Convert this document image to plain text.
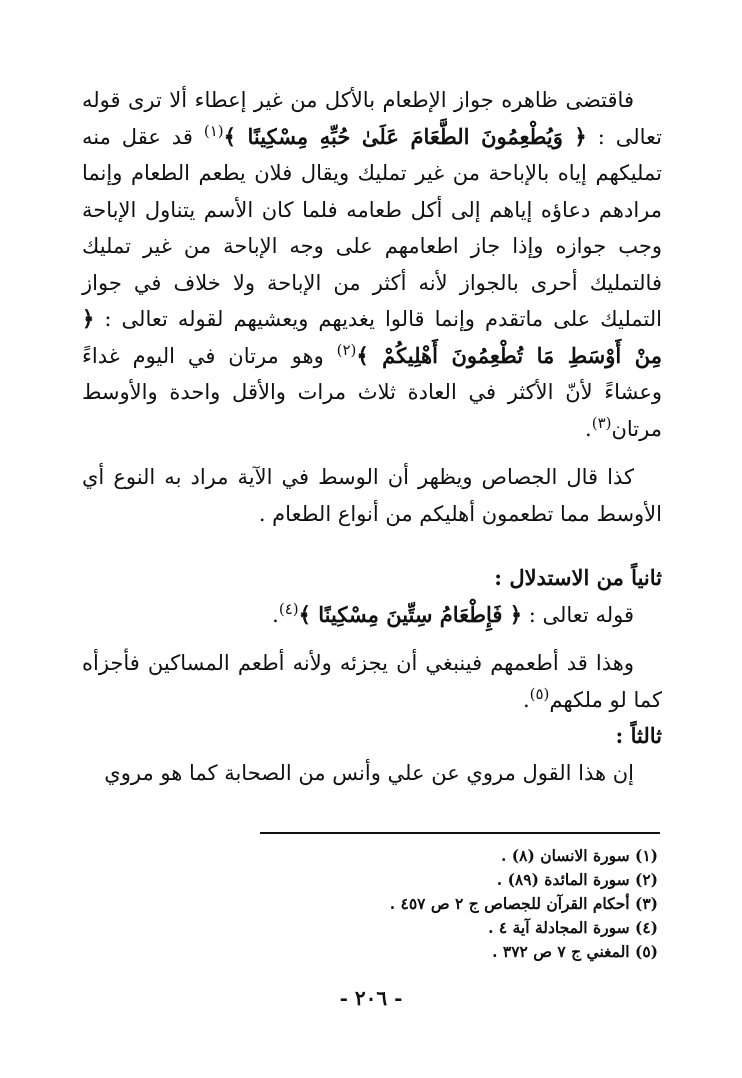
فاقتضى ظاهره جواز الإطعام بالأكل من غير إعطاء ألا ترى قوله تعالى : ﴿ وَيُطْعِمُونَ الطَّعَامَ عَلَىٰ حُبِّهِ مِسْكِينًا ﴾$^{(١)}$ قد عقل منه تمليكهم إياه بالإباحة من غير تمليك ويقال فلان يطعم الطعام وإنما مرادهم دعاؤه إياهم إلى أكل طعامه فلما كان الأسم يتناول الإباحة وجب جوازه وإذا جاز اطعامهم على وجه الإباحة من غير تمليك فالتمليك أحرى بالجواز لأنه أكثر من الإباحة ولا خلاف في جواز التمليك على ماتقدم وإنما قالوا يغديهم ويعشيهم لقوله تعالى : ﴿ مِنْ أَوْسَطِ مَا تُطْعِمُونَ أَهْلِيكُمْ ﴾$^{(٢)}$ وهو مرتان في اليوم غداءً وعشاءً لأنّ الأكثر في العادة ثلاث مرات والأقل واحدة والأوسط مرتان$^{(٣)}$.

كذا قال الجصاص ويظهر أن الوسط في الآية مراد به النوع أي الأوسط مما تطعمون أهليكم من أنواع الطعام .

ثانياً من الاستدلال :

قوله تعالى : ﴿ فَإِطْعَامُ سِتِّينَ مِسْكِينًا ﴾$^{(٤)}$.

وهذا قد أطعمهم فينبغي أن يجزئه ولأنه أطعم المساكين فأجزأه كما لو ملكهم$^{(٥)}$.

ثالثاً :

إن هذا القول مروي عن علي وأنس من الصحابة كما هو مروي

(١) سورة الانسان (٨) .

(٢) سورة المائدة (٨٩) .

(٣) أحكام القرآن للجصاص ج ٢ ص ٤٥٧ .

(٤) سورة المجادلة آية ٤ .

(٥) المغني ج ٧ ص ٣٧٢ .

- ٢٠٦ -
